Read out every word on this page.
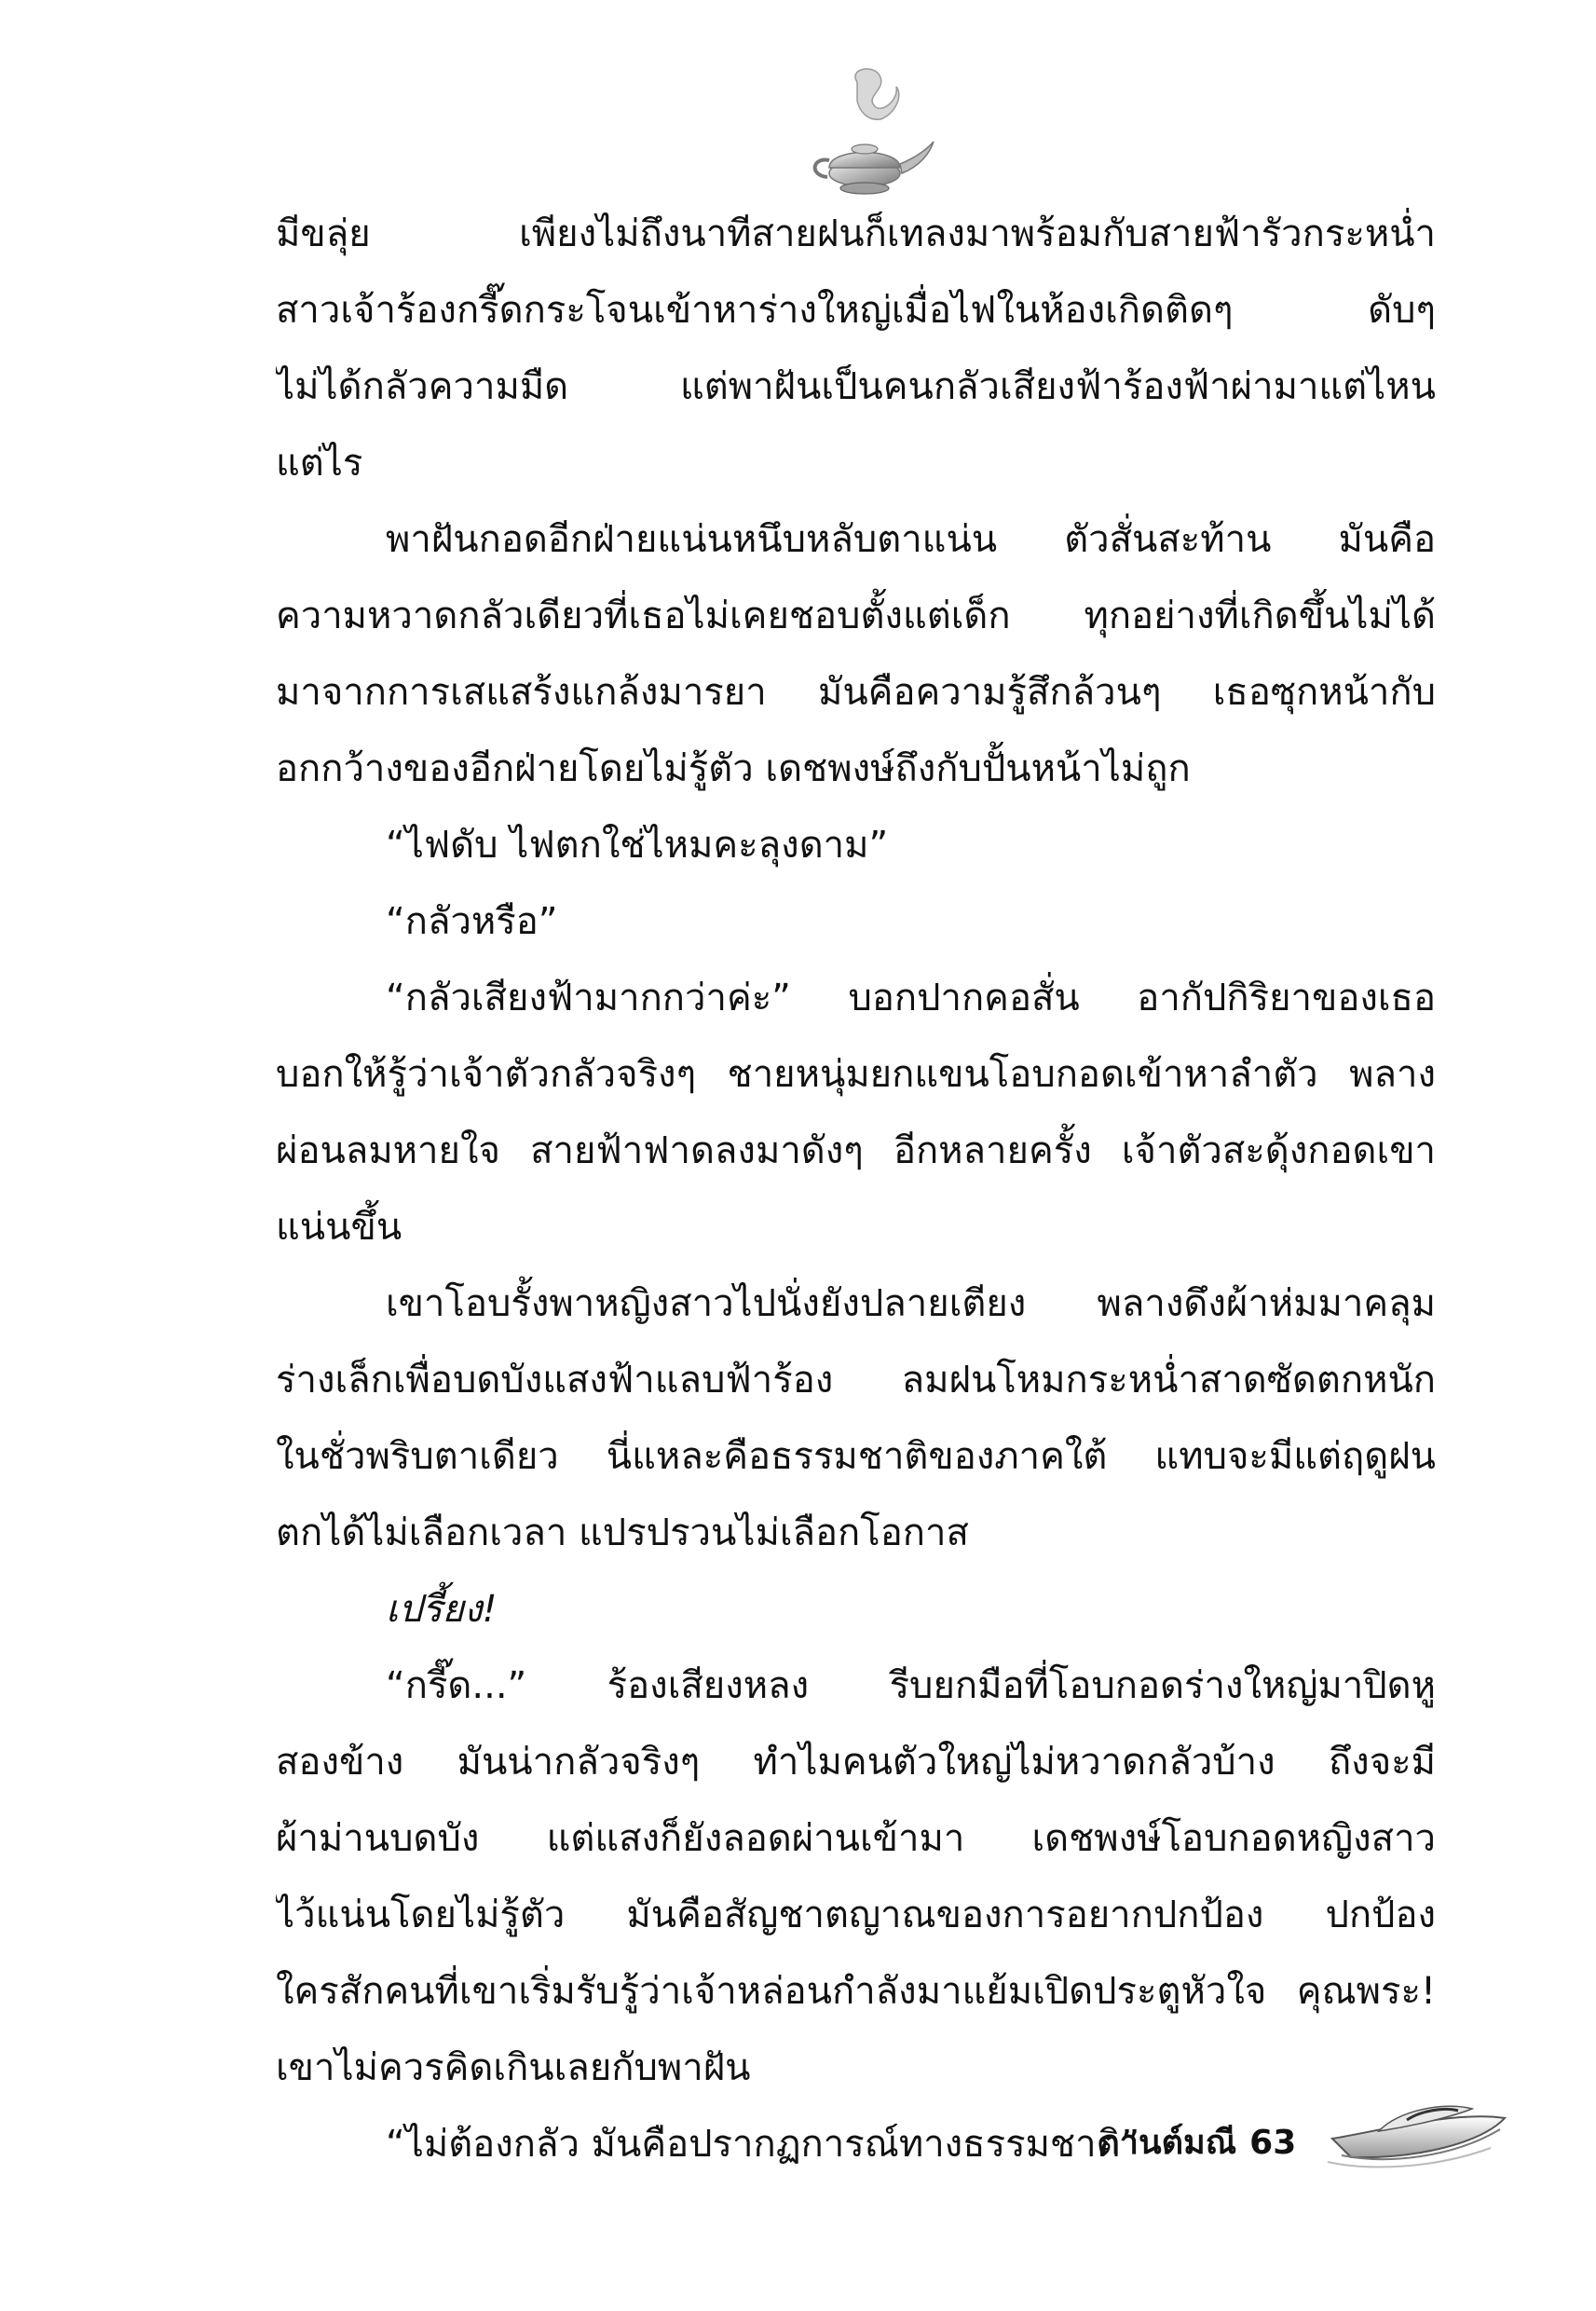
มีขลุ่ย เพียงไม่ถึงนาทีสายฝนก็เทลงมาพร้อมกับสายฟ้ารัวกระหน่ำ
สาวเจ้าร้องกรี๊ดกระโจนเข้าหาร่างใหญ่เมื่อไฟในห้องเกิดติดๆ ดับๆ
ไม่ได้กลัวความมืด แต่พาฝันเป็นคนกลัวเสียงฟ้าร้องฟ้าผ่ามาแต่ไหน
แต่ไร
พาฝันกอดอีกฝ่ายแน่นหนึบหลับตาแน่น ตัวสั่นสะท้าน มันคือ
ความหวาดกลัวเดียวที่เธอไม่เคยชอบตั้งแต่เด็ก ทุกอย่างที่เกิดขึ้นไม่ได้
มาจากการเสแสร้งแกล้งมารยา มันคือความรู้สึกล้วนๆ เธอซุกหน้ากับ
อกกว้างของอีกฝ่ายโดยไม่รู้ตัว เดชพงษ์ถึงกับปั้นหน้าไม่ถูก
“ไฟดับ ไฟตกใช่ไหมคะลุงดาม”
“กลัวหรือ”
“กลัวเสียงฟ้ามากกว่าค่ะ” บอกปากคอสั่น อากัปกิริยาของเธอ
บอกให้รู้ว่าเจ้าตัวกลัวจริงๆ ชายหนุ่มยกแขนโอบกอดเข้าหาลำตัว พลาง
ผ่อนลมหายใจ สายฟ้าฟาดลงมาดังๆ อีกหลายครั้ง เจ้าตัวสะดุ้งกอดเขา
แน่นขึ้น
เขาโอบรั้งพาหญิงสาวไปนั่งยังปลายเตียง พลางดึงผ้าห่มมาคลุม
ร่างเล็กเพื่อบดบังแสงฟ้าแลบฟ้าร้อง ลมฝนโหมกระหน่ำสาดซัดตกหนัก
ในชั่วพริบตาเดียว นี่แหละคือธรรมชาติของภาคใต้ แทบจะมีแต่ฤดูฝน
ตกได้ไม่เลือกเวลา แปรปรวนไม่เลือกโอกาส
เปรี้ยง!
“กรี๊ด...” ร้องเสียงหลง รีบยกมือที่โอบกอดร่างใหญ่มาปิดหู
สองข้าง มันน่ากลัวจริงๆ ทำไมคนตัวใหญ่ไม่หวาดกลัวบ้าง ถึงจะมี
ผ้าม่านบดบัง แต่แสงก็ยังลอดผ่านเข้ามา เดชพงษ์โอบกอดหญิงสาว
ไว้แน่นโดยไม่รู้ตัว มันคือสัญชาตญาณของการอยากปกป้อง ปกป้อง
ใครสักคนที่เขาเริ่มรับรู้ว่าเจ้าหล่อนกำลังมาแย้มเปิดประตูหัวใจ คุณพระ!
เขาไม่ควรคิดเกินเลยกับพาฝัน
“ไม่ต้องกลัว มันคือปรากฏการณ์ทางธรรมชาติ”
กานต์มณี 63
